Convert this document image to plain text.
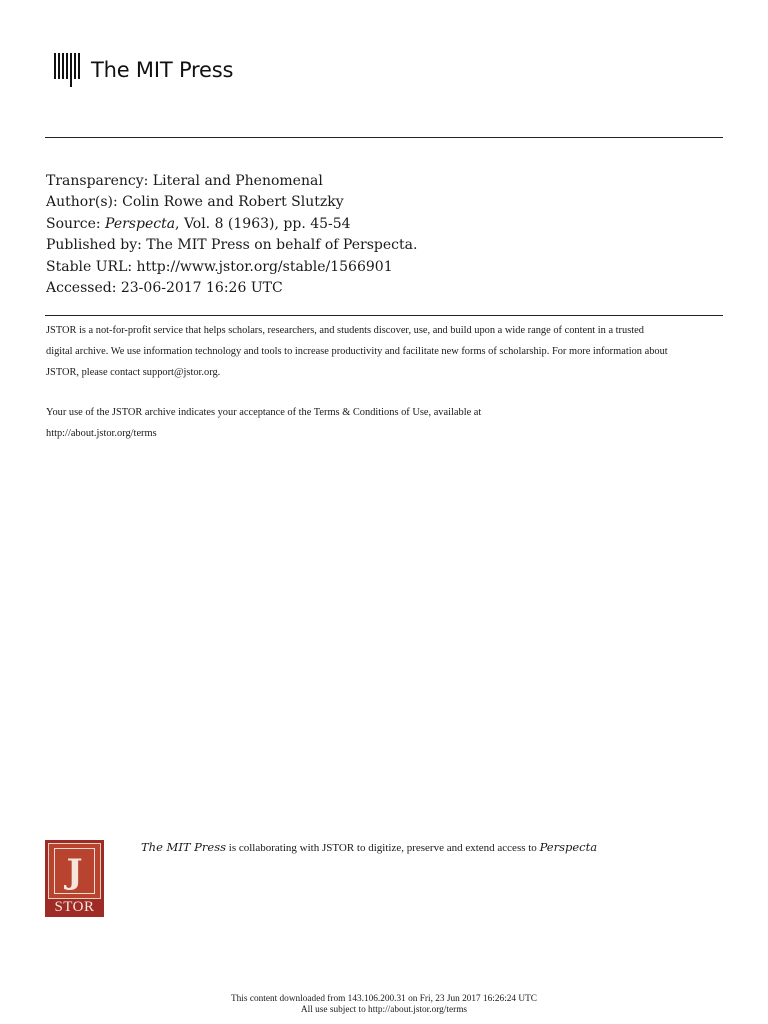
The MIT Press
Transparency: Literal and Phenomenal
Author(s): Colin Rowe and Robert Slutzky
Source: Perspecta, Vol. 8 (1963), pp. 45-54
Published by: The MIT Press on behalf of Perspecta.
Stable URL: http://www.jstor.org/stable/1566901
Accessed: 23-06-2017 16:26 UTC
JSTOR is a not-for-profit service that helps scholars, researchers, and students discover, use, and build upon a wide range of content in a trusted
digital archive. We use information technology and tools to increase productivity and facilitate new forms of scholarship. For more information about
JSTOR, please contact support@jstor.org.
Your use of the JSTOR archive indicates your acceptance of the Terms & Conditions of Use, available at
http://about.jstor.org/terms
J
STOR
The MIT Press is collaborating with JSTOR to digitize, preserve and extend access to Perspecta
This content downloaded from 143.106.200.31 on Fri, 23 Jun 2017 16:26:24 UTC
All use subject to http://about.jstor.org/terms
